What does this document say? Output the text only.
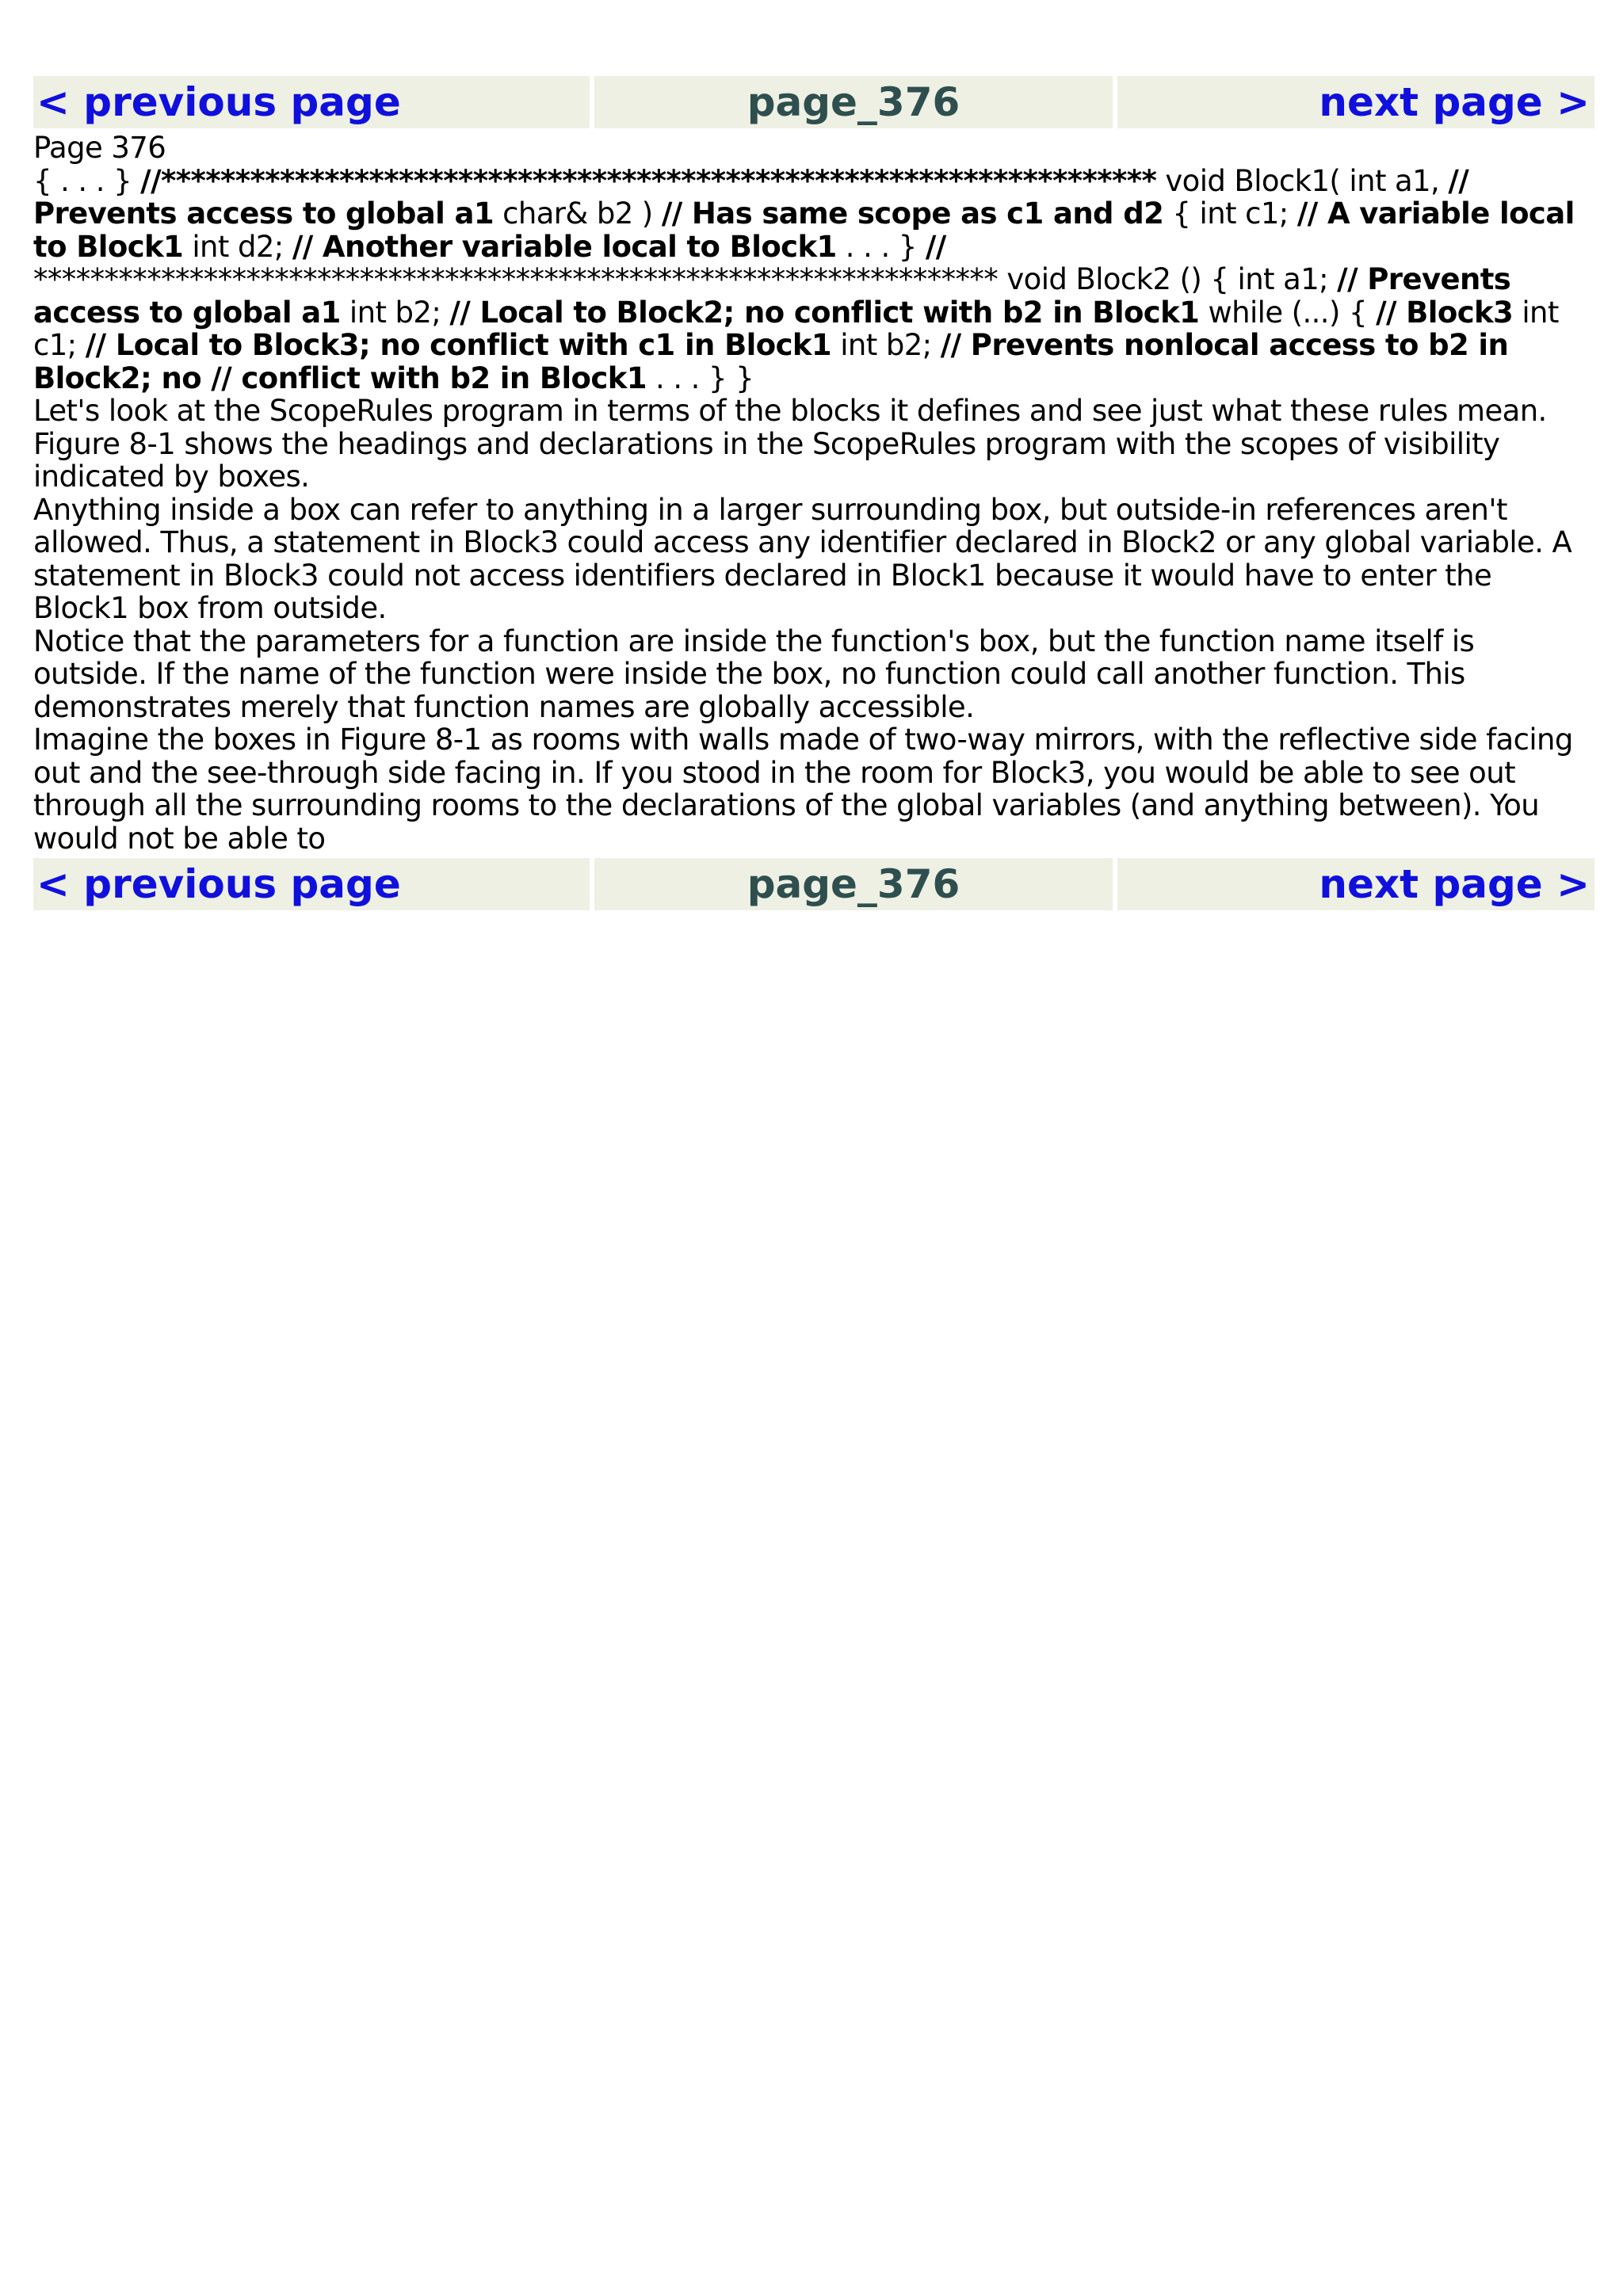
< previous page	page_376	next page >

Page 376

{ . . . } //******************************************************************* void Block1( int a1, // Prevents access to global a1 char& b2 ) // Has same scope as c1 and d2 { int c1; // A variable local to Block1 int d2; // Another variable local to Block1 . . . } // ******************************************************************** void Block2 () { int a1; // Prevents access to global a1 int b2; // Local to Block2; no conflict with b2 in Block1 while (...) { // Block3 int c1; // Local to Block3; no conflict with c1 in Block1 int b2; // Prevents nonlocal access to b2 in Block2; no // conflict with b2 in Block1 . . . } }

Let's look at the ScopeRules program in terms of the blocks it defines and see just what these rules mean. Figure 8-1 shows the headings and declarations in the ScopeRules program with the scopes of visibility indicated by boxes.

Anything inside a box can refer to anything in a larger surrounding box, but outside-in references aren't allowed. Thus, a statement in Block3 could access any identifier declared in Block2 or any global variable. A statement in Block3 could not access identifiers declared in Block1 because it would have to enter the Block1 box from outside.

Notice that the parameters for a function are inside the function's box, but the function name itself is outside. If the name of the function were inside the box, no function could call another function. This demonstrates merely that function names are globally accessible.

Imagine the boxes in Figure 8-1 as rooms with walls made of two-way mirrors, with the reflective side facing out and the see-through side facing in. If you stood in the room for Block3, you would be able to see out through all the surrounding rooms to the declarations of the global variables (and anything between). You would not be able to

< previous page	page_376	next page >
